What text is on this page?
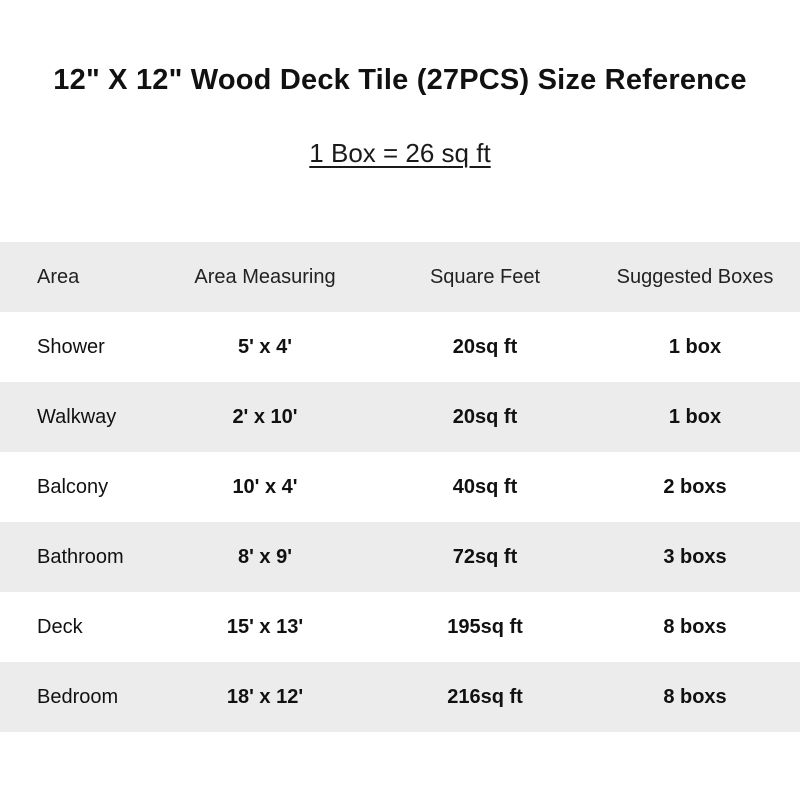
12" X 12" Wood Deck Tile (27PCS) Size Reference
1 Box = 26 sq ft
Area	Area Measuring	Square Feet	Suggested Boxes
Shower	5' x 4'	20sq ft	1 box
Walkway	2' x 10'	20sq ft	1 box
Balcony	10' x 4'	40sq ft	2 boxs
Bathroom	8' x 9'	72sq ft	3 boxs
Deck	15' x 13'	195sq ft	8 boxs
Bedroom	18' x 12'	216sq ft	8 boxs
